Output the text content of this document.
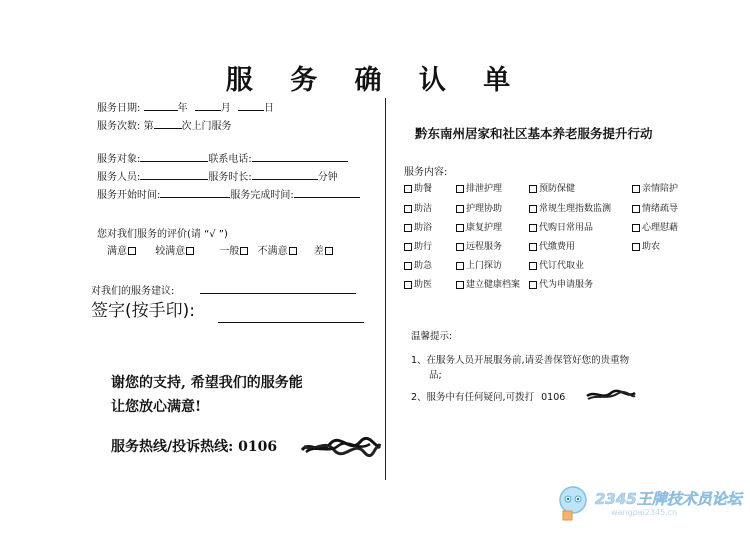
服 务 确 认 单
服务日期:	年	月	日
服务次数: 第	次上门服务
服务对象:	联系电话:
服务人员:	服务时长:	分钟
服务开始时间:	服务完成时间:
您对我们服务的评价(请 “√ ”)
满意	较满意	一般 不满意	差
对我们的服务建议:
签字(按手印):
谢您的支持, 希望我们的服务能
让您放心满意!
服务热线/投诉热线: 0106
黔东南州居家和社区基本养老服务提升行动
服务内容:
助餐	排泄护理	预防保健	亲情陪护
助洁	护理协助	常规生理指数监测	情绪疏导
助浴	康复护理	代购日常用品	心理慰藉
助行	远程服务	代缴费用	助农
助急	上门探访	代订代取业
助医	建立健康档案	代为申请服务
温馨提示:
1、在服务人员开展服务前,请妥善保管好您的贵重物
品;
2、服务中有任何疑问,可拨打 0106
2345王牌技术员论坛
wangpai2345.cn
